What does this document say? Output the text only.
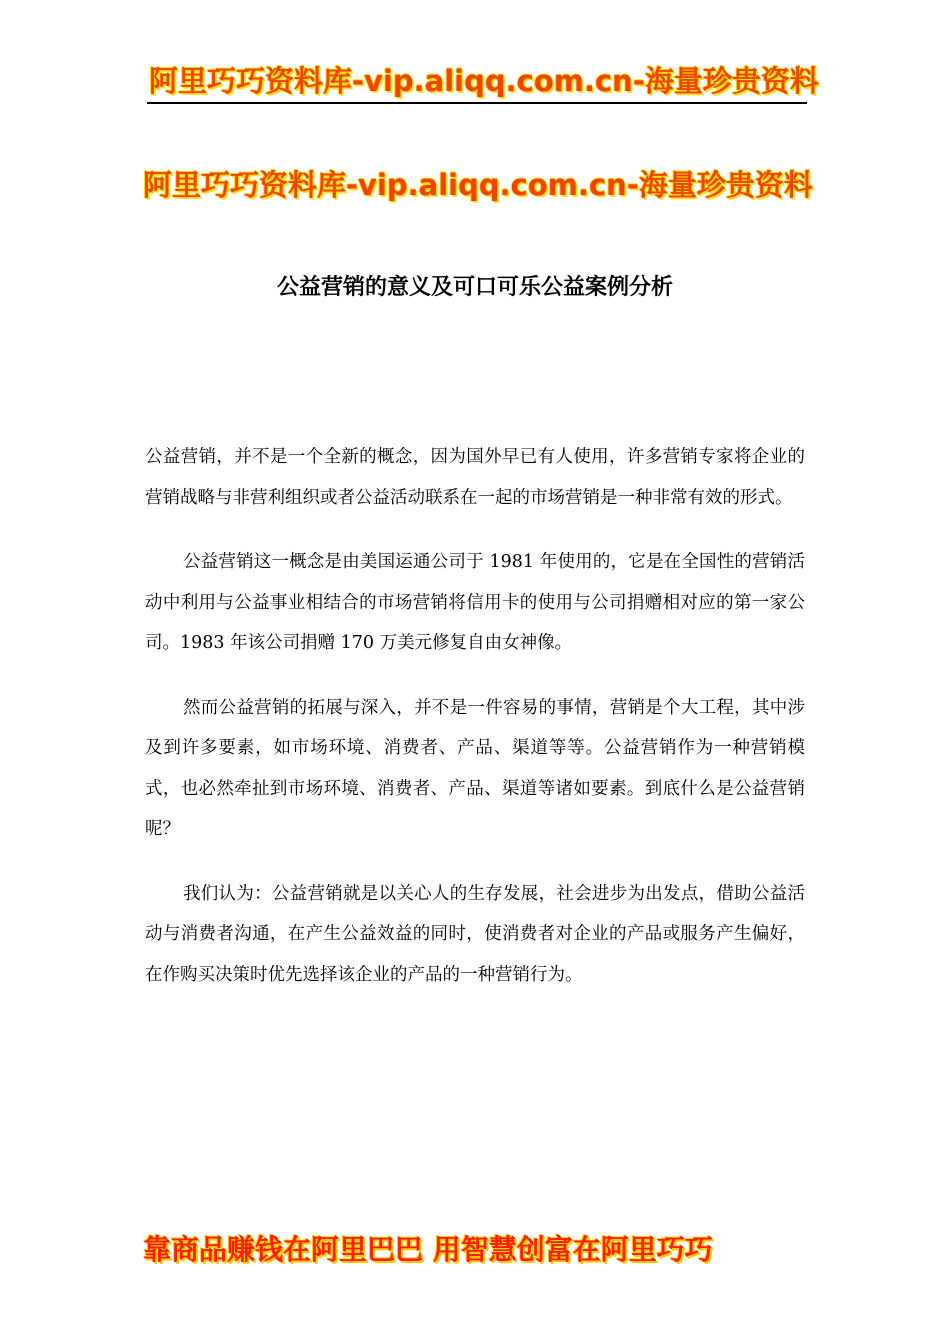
阿里巧巧资料库-vip.aliqq.com.cn-海量珍贵资料
阿里巧巧资料库-vip.aliqq.com.cn-海量珍贵资料
公益营销的意义及可口可乐公益案例分析

公益营销，并不是一个全新的概念，因为国外早已有人使用，许多营销专家将企业的营销战略与非营利组织或者公益活动联系在一起的市场营销是一种非常有效的形式。

公益营销这一概念是由美国运通公司于 1981 年使用的，它是在全国性的营销活动中利用与公益事业相结合的市场营销将信用卡的使用与公司捐赠相对应的第一家公司。1983 年该公司捐赠 170 万美元修复自由女神像。

然而公益营销的拓展与深入，并不是一件容易的事情，营销是个大工程，其中涉及到许多要素，如市场环境、消费者、产品、渠道等等。公益营销作为一种营销模式，也必然牵扯到市场环境、消费者、产品、渠道等诸如要素。到底什么是公益营销呢？

我们认为：公益营销就是以关心人的生存发展，社会进步为出发点，借助公益活动与消费者沟通，在产生公益效益的同时，使消费者对企业的产品或服务产生偏好，在作购买决策时优先选择该企业的产品的一种营销行为。

靠商品赚钱在阿里巴巴 用智慧创富在阿里巧巧
